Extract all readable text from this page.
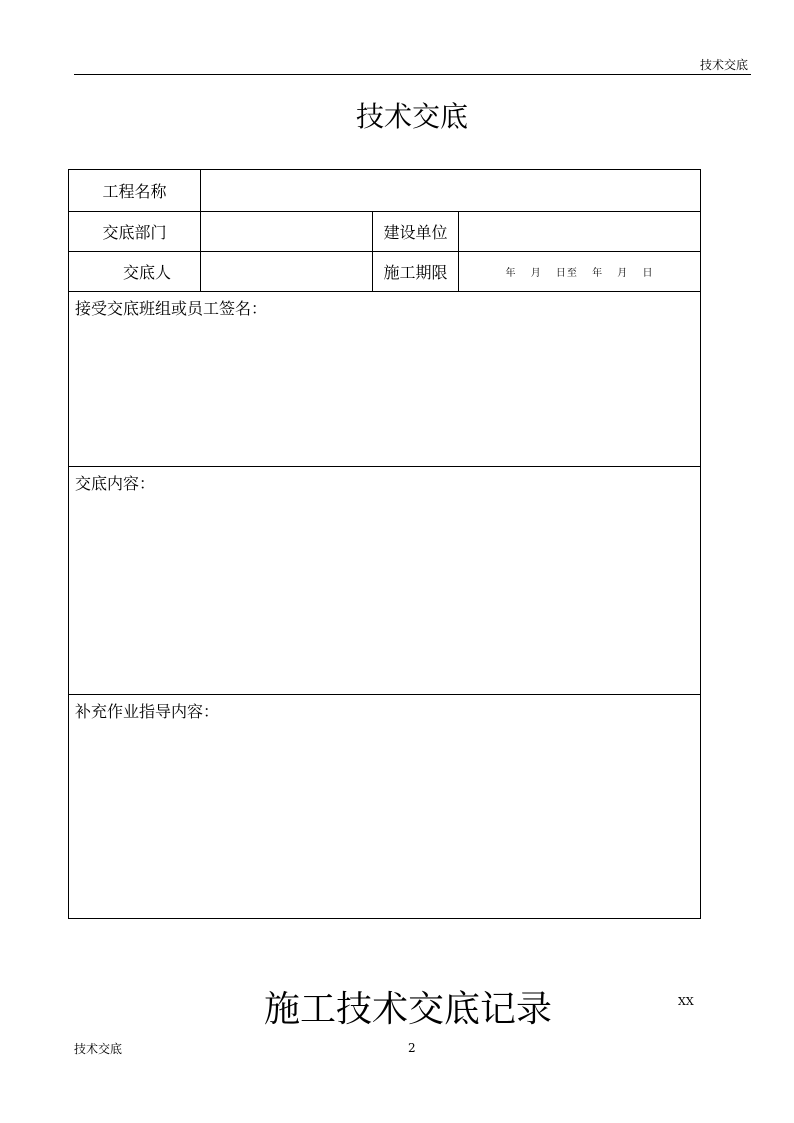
技术交底
技术交底
工程名称			
交底部门		建设单位	
交底人		施工期限	年 月 日至 年 月 日
接受交底班组或员工签名：			
交底内容：			
补充作业指导内容：			
施工技术交底记录	XX
技术交底	2
